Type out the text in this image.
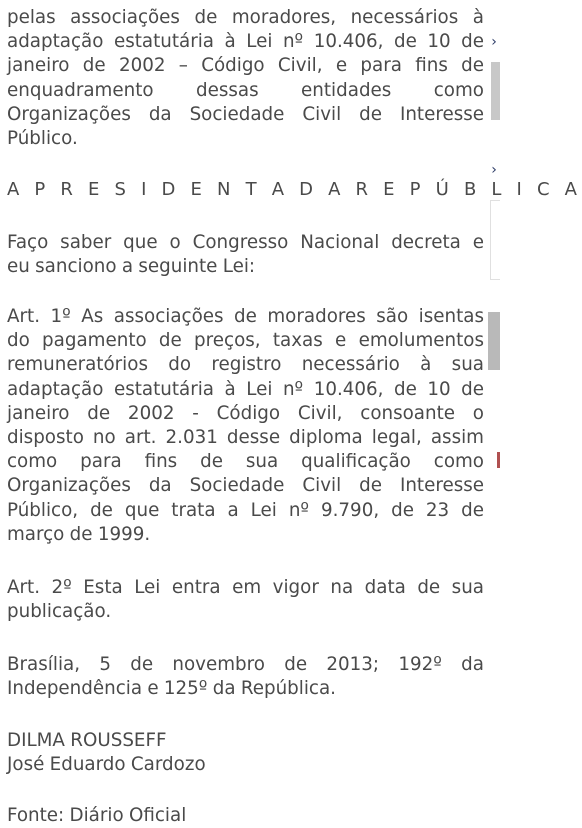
pelas associações de moradores, necessários à
adaptação estatutária à Lei nº 10.406, de 10 de
janeiro de 2002 – Código Civil, e para fins de
enquadramento dessas entidades como
Organizações da Sociedade Civil de Interesse
Público.
A P R E S I D E N T A D A R E P Ú B L I C A
Faço saber que o Congresso Nacional decreta e
eu sanciono a seguinte Lei:
Art. 1º As associações de moradores são isentas
do pagamento de preços, taxas e emolumentos
remuneratórios do registro necessário à sua
adaptação estatutária à Lei nº 10.406, de 10 de
janeiro de 2002 - Código Civil, consoante o
disposto no art. 2.031 desse diploma legal, assim
como para fins de sua qualificação como
Organizações da Sociedade Civil de Interesse
Público, de que trata a Lei nº 9.790, de 23 de
março de 1999.
Art. 2º Esta Lei entra em vigor na data de sua
publicação.
Brasília, 5 de novembro de 2013; 192º da
Independência e 125º da República.
DILMA ROUSSEFF
José Eduardo Cardozo
Fonte: Diário Oficial
›
›
